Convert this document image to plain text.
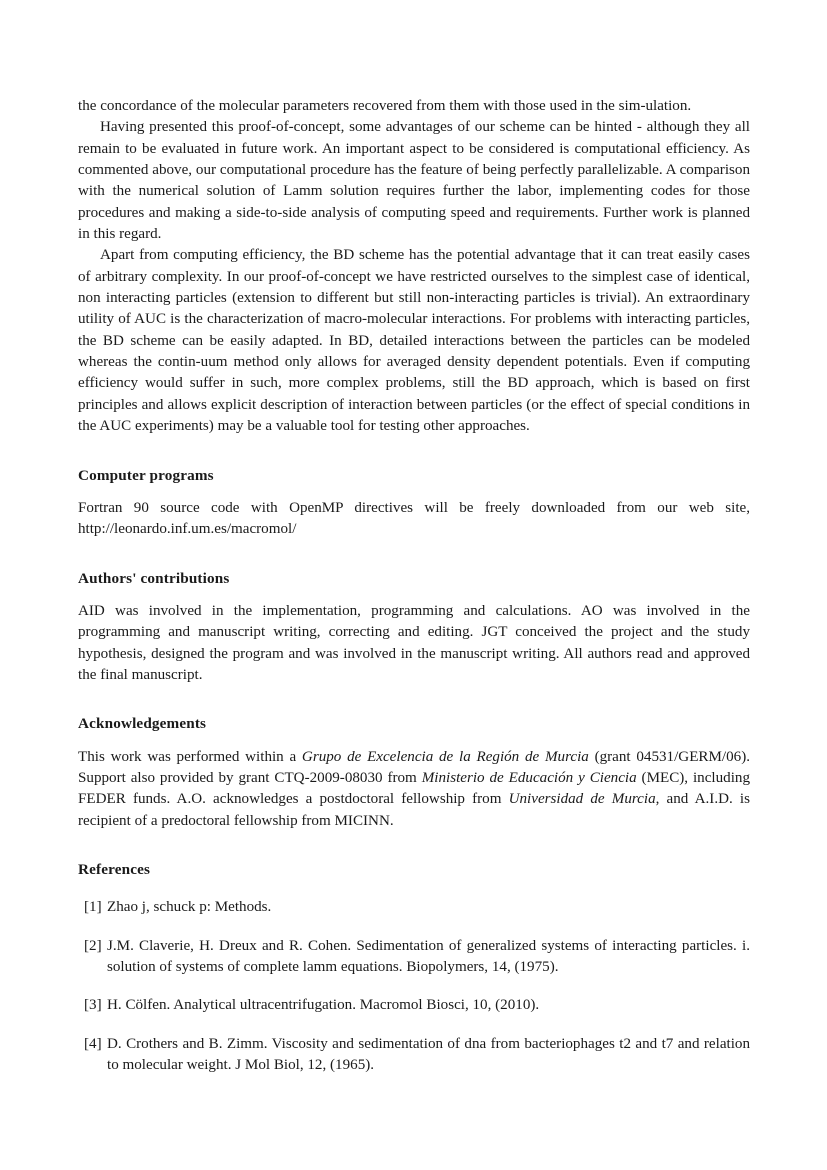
the concordance of the molecular parameters recovered from them with those used in the sim-ulation.

Having presented this proof-of-concept, some advantages of our scheme can be hinted - although they all remain to be evaluated in future work. An important aspect to be considered is computational efficiency. As commented above, our computational procedure has the feature of being perfectly parallelizable. A comparison with the numerical solution of Lamm solution requires further the labor, implementing codes for those procedures and making a side-to-side analysis of computing speed and requirements. Further work is planned in this regard.

Apart from computing efficiency, the BD scheme has the potential advantage that it can treat easily cases of arbitrary complexity. In our proof-of-concept we have restricted ourselves to the simplest case of identical, non interacting particles (extension to different but still non-interacting particles is trivial). An extraordinary utility of AUC is the characterization of macro-molecular interactions. For problems with interacting particles, the BD scheme can be easily adapted. In BD, detailed interactions between the particles can be modeled whereas the contin-uum method only allows for averaged density dependent potentials. Even if computing efficiency would suffer in such, more complex problems, still the BD approach, which is based on first principles and allows explicit description of interaction between particles (or the effect of special conditions in the AUC experiments) may be a valuable tool for testing other approaches.

Computer programs

Fortran 90 source code with OpenMP directives will be freely downloaded from our web site, http://leonardo.inf.um.es/macromol/

Authors' contributions

AID was involved in the implementation, programming and calculations. AO was involved in the programming and manuscript writing, correcting and editing. JGT conceived the project and the study hypothesis, designed the program and was involved in the manuscript writing. All authors read and approved the final manuscript.

Acknowledgements

This work was performed within a Grupo de Excelencia de la Región de Murcia (grant 04531/GERM/06). Support also provided by grant CTQ-2009-08030 from Ministerio de Educación y Ciencia (MEC), including FEDER funds. A.O. acknowledges a postdoctoral fellowship from Universidad de Murcia, and A.I.D. is recipient of a predoctoral fellowship from MICINN.

References
[1] Zhao j, schuck p: Methods.
[2] J.M. Claverie, H. Dreux and R. Cohen. Sedimentation of generalized systems of interacting particles. i. solution of systems of complete lamm equations. Biopolymers, 14, (1975).
[3] H. Cölfen. Analytical ultracentrifugation. Macromol Biosci, 10, (2010).
[4] D. Crothers and B. Zimm. Viscosity and sedimentation of dna from bacteriophages t2 and t7 and relation to molecular weight. J Mol Biol, 12, (1965).
